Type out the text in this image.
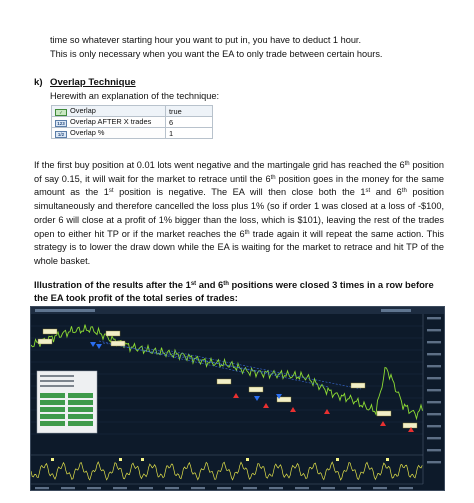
time so whatever starting hour you want to put in, you have to deduct 1 hour.

This is only necessary when you want the EA to only trade between certain hours.

k) Overlap Technique
Herewith an explanation of the technique:
✓ Overlap	true
123 Overlap AFTER X trades	6
1/2 Overlap %	1
If the first buy position at 0.01 lots went negative and the martingale grid has reached the 6th position of say 0.15, it will wait for the market to retrace until the 6th position goes in the money for the same amount as the 1st position is negative. The EA will then close both the 1st and 6th position simultaneously and therefore cancelled the loss plus 1% (so if order 1 was closed at a loss of -$100, order 6 will close at a profit of 1% bigger than the loss, which is $101), leaving the rest of the trades open to either hit TP or if the market reaches the 6th trade again it will repeat the same action. This strategy is to lower the draw down while the EA is waiting for the market to retrace and hit TP of the whole basket.
Illustration of the results after the 1st and 6th positions were closed 3 times in a row before the EA took profit of the total series of trades:
